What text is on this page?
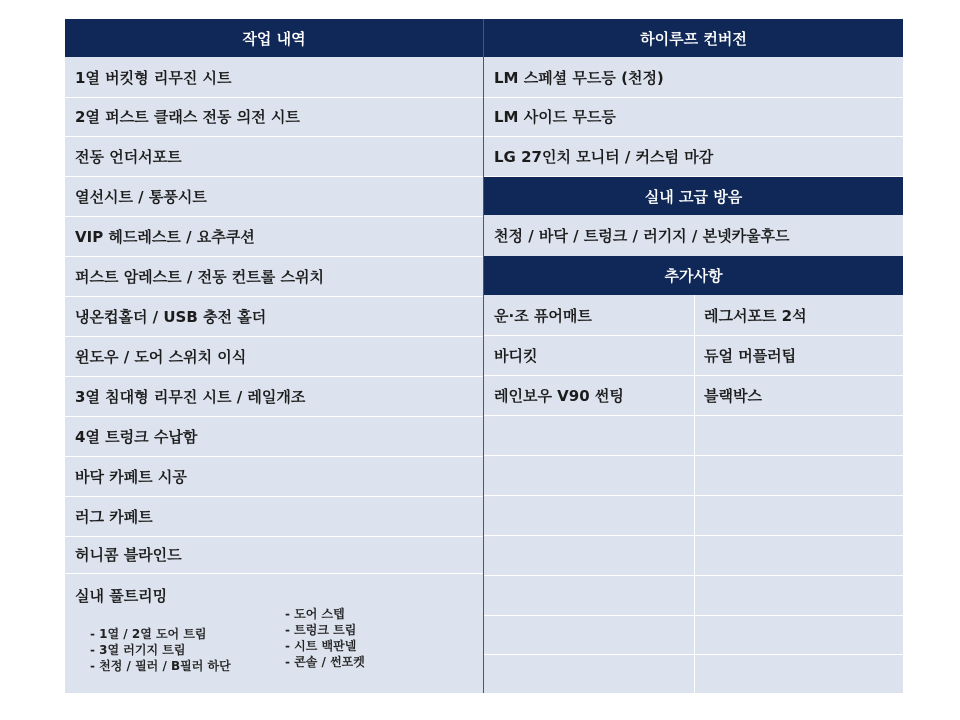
작업 내역
1열 버킷형 리무진 시트
2열 퍼스트 클래스 전동 의전 시트
전동 언더서포트
열선시트 / 통풍시트
VIP 헤드레스트 / 요추쿠션
퍼스트 암레스트 / 전동 컨트롤 스위치
냉온컵홀더 / USB 충전 홀더
윈도우 / 도어 스위치 이식
3열 침대형 리무진 시트 / 레일개조
4열 트렁크 수납함
바닥 카페트 시공
러그 카페트
허니콤 블라인드
실내 풀트리밍
- 1열 / 2열 도어 트림
- 3열 러기지 트림
- 천정 / 필러 / B필러 하단
- 도어 스텝
- 트렁크 트림
- 시트 백판넬
- 콘솔 / 썬포켓
하이루프 컨버전
LM 스페셜 무드등 (천정)
LM 사이드 무드등
LG 27인치 모니터 / 커스텀 마감
실내 고급 방음
천정 / 바닥 / 트렁크 / 러기지 / 본넷카울후드
추가사항
운·조 퓨어매트	레그서포트 2석
바디킷	듀얼 머플러팁
레인보우 V90 썬팅	블랙박스
